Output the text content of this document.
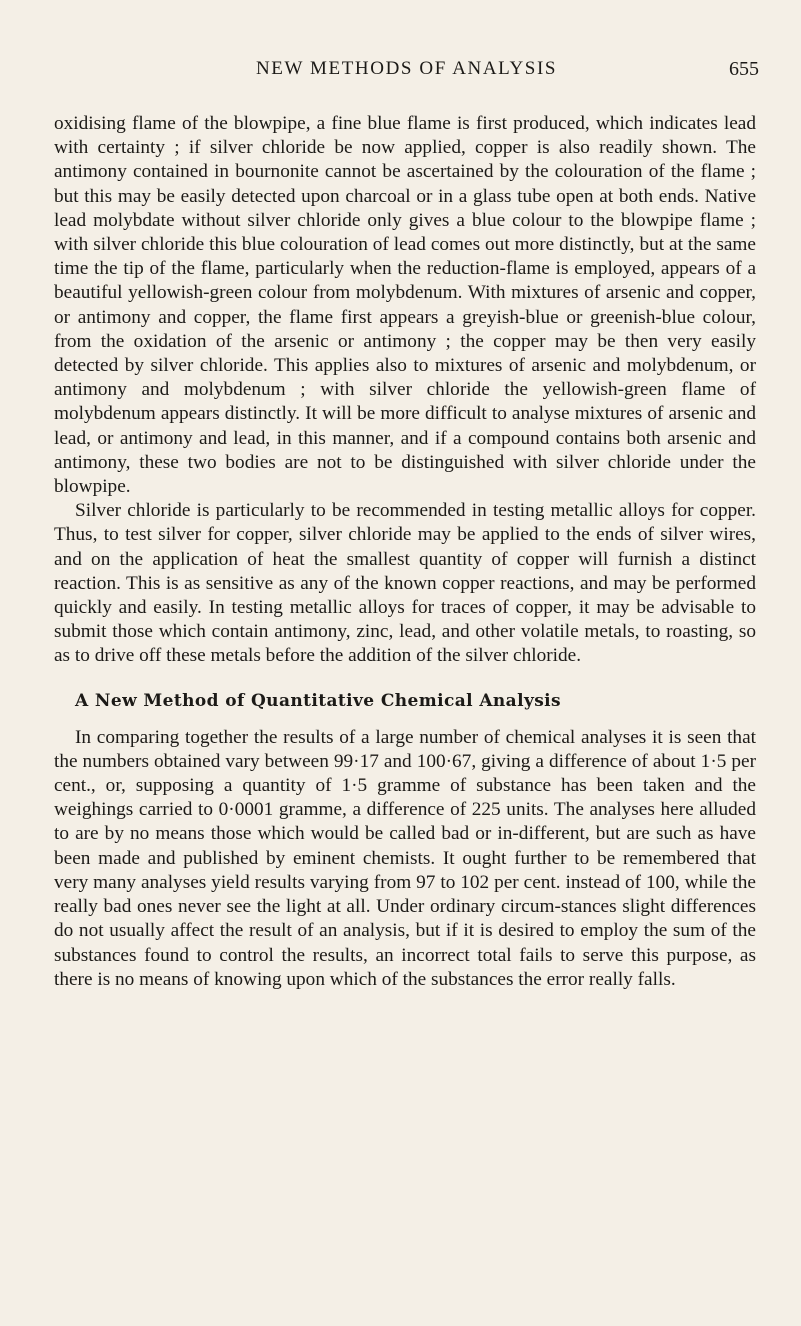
NEW METHODS OF ANALYSIS	655

oxidising flame of the blowpipe, a fine blue flame is first produced, which indicates lead with certainty ; if silver chloride be now applied, copper is also readily shown. The antimony contained in bournonite cannot be ascertained by the colouration of the flame ; but this may be easily detected upon charcoal or in a glass tube open at both ends. Native lead molybdate without silver chloride only gives a blue colour to the blowpipe flame ; with silver chloride this blue colouration of lead comes out more distinctly, but at the same time the tip of the flame, particularly when the reduction-flame is employed, appears of a beautiful yellowish-green colour from molybdenum. With mixtures of arsenic and copper, or antimony and copper, the flame first appears a greyish-blue or greenish-blue colour, from the oxidation of the arsenic or antimony ; the copper may be then very easily detected by silver chloride. This applies also to mixtures of arsenic and molybdenum, or antimony and molybdenum ; with silver chloride the yellowish-green flame of molybdenum appears distinctly. It will be more difficult to analyse mixtures of arsenic and lead, or antimony and lead, in this manner, and if a compound contains both arsenic and antimony, these two bodies are not to be distinguished with silver chloride under the blowpipe.

Silver chloride is particularly to be recommended in testing metallic alloys for copper. Thus, to test silver for copper, silver chloride may be applied to the ends of silver wires, and on the application of heat the smallest quantity of copper will furnish a distinct reaction. This is as sensitive as any of the known copper reactions, and may be performed quickly and easily. In testing metallic alloys for traces of copper, it may be advisable to submit those which contain antimony, zinc, lead, and other volatile metals, to roasting, so as to drive off these metals before the addition of the silver chloride.

A New Method of Quantitative Chemical Analysis

In comparing together the results of a large number of chemical analyses it is seen that the numbers obtained vary between 99·17 and 100·67, giving a difference of about 1·5 per cent., or, supposing a quantity of 1·5 gramme of substance has been taken and the weighings carried to 0·0001 gramme, a difference of 225 units. The analyses here alluded to are by no means those which would be called bad or in-different, but are such as have been made and published by eminent chemists. It ought further to be remembered that very many analyses yield results varying from 97 to 102 per cent. instead of 100, while the really bad ones never see the light at all. Under ordinary circum-stances slight differences do not usually affect the result of an analysis, but if it is desired to employ the sum of the substances found to control the results, an incorrect total fails to serve this purpose, as there is no means of knowing upon which of the substances the error really falls.
